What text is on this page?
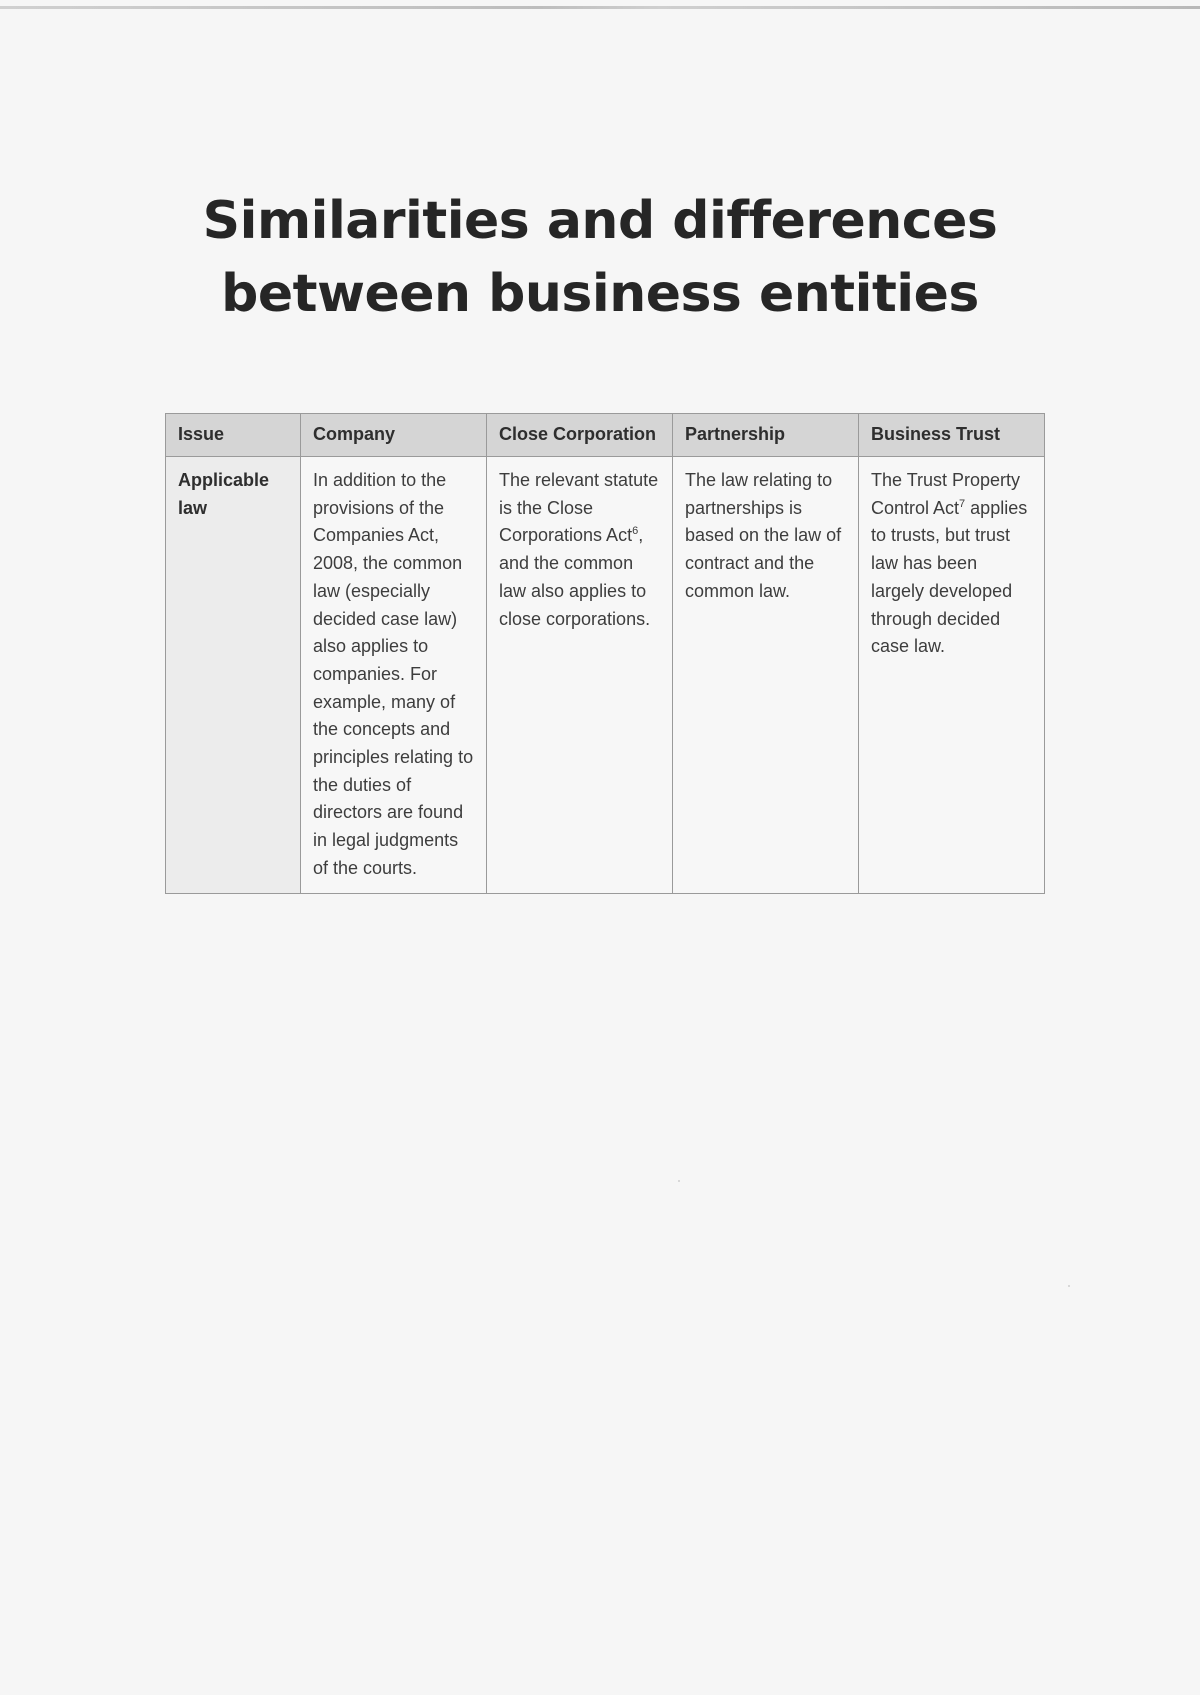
Similarities and differences between business entities
Issue	Company	Close Corporation	Partnership	Business Trust
Applicable law	In addition to the provisions of the Companies Act, 2008, the common law (especially decided case law) also applies to companies. For example, many of the concepts and principles relating to the duties of directors are found in legal judgments of the courts.	The relevant statute is the Close Corporations Act$^6$, and the common law also applies to close corporations.	The law relating to partnerships is based on the law of contract and the common law.	The Trust Property Control Act$^7$ applies to trusts, but trust law has been largely developed through decided case law.
